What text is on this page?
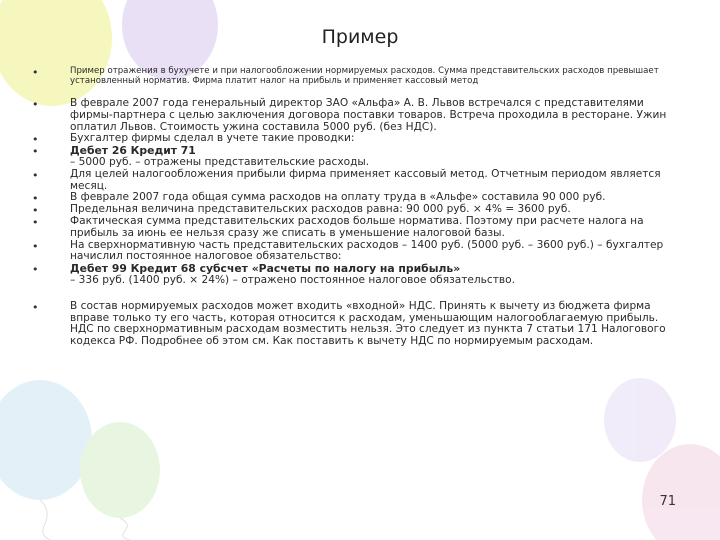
Пример
•	Пример отражения в бухучете и при налогообложении нормируемых расходов. Сумма представительских расходов превышает установленный норматив. Фирма платит налог на прибыль и применяет кассовый метод
•	В феврале 2007 года генеральный директор ЗАО «Альфа» А. В. Львов встречался с представителями фирмы-партнера с целью заключения договора поставки товаров. Встреча проходила в ресторане. Ужин оплатил Львов. Стоимость ужина составила 5000 руб. (без НДС).
•	Бухгалтер фирмы сделал в учете такие проводки:
•	Дебет 26 Кредит 71
– 5000 руб. – отражены представительские расходы.
•	Для целей налогообложения прибыли фирма применяет кассовый метод. Отчетным периодом является месяц.
•	В феврале 2007 года общая сумма расходов на оплату труда в «Альфе» составила 90 000 руб.
•	Предельная величина представительских расходов равна: 90 000 руб. × 4% = 3600 руб.
•	Фактическая сумма представительских расходов больше норматива. Поэтому при расчете налога на прибыль за июнь ее нельзя сразу же списать в уменьшение налоговой базы.
•	На сверхнормативную часть представительских расходов – 1400 руб. (5000 руб. – 3600 руб.) – бухгалтер начислил постоянное налоговое обязательство:
•	Дебет 99 Кредит 68 субсчет «Расчеты по налогу на прибыль»
– 336 руб. (1400 руб. × 24%) – отражено постоянное налоговое обязательство.
•	В состав нормируемых расходов может входить «входной» НДС. Принять к вычету из бюджета фирма вправе только ту его часть, которая относится к расходам, уменьшающим налогооблагаемую прибыль. НДС по сверхнормативным расходам возместить нельзя. Это следует из пункта 7 статьи 171 Налогового кодекса РФ. Подробнее об этом см. Как поставить к вычету НДС по нормируемым расходам.
71
